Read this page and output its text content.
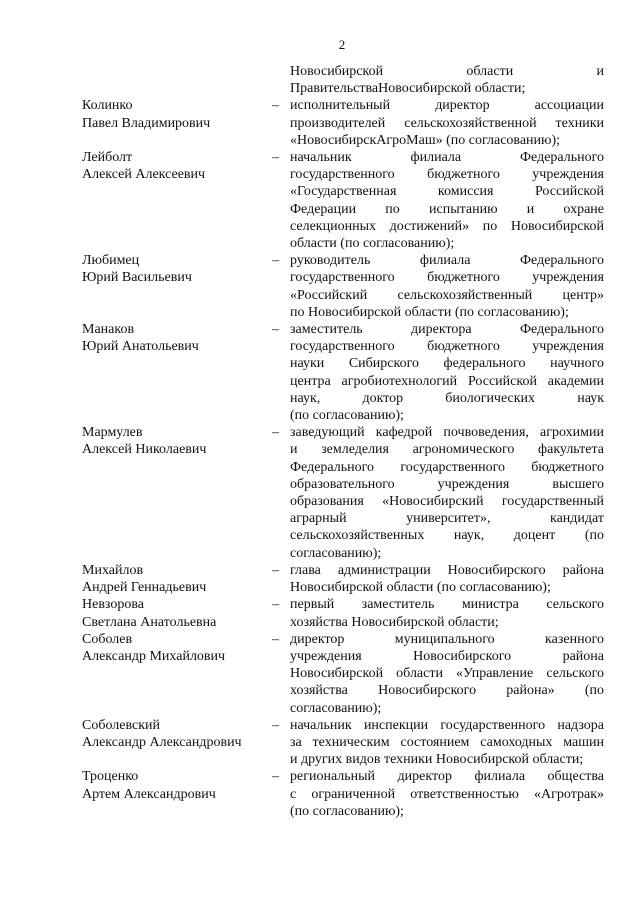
2
Новосибирской области и
ПравительстваНовосибирской области;
Колинко
Павел Владимирович
– исполнительный директор ассоциации
производителей сельскохозяйственной техники
«НовосибирскАгроМаш» (по согласованию);
Лейболт
Алексей Алексеевич
– начальник филиала Федерального
государственного бюджетного учреждения
«Государственная комиссия Российской
Федерации по испытанию и охране
селекционных достижений» по Новосибирской
области (по согласованию);
Любимец
Юрий Васильевич
– руководитель филиала Федерального
государственного бюджетного учреждения
«Российский сельскохозяйственный центр»
по Новосибирской области (по согласованию);
Манаков
Юрий Анатольевич
– заместитель директора Федерального
государственного бюджетного учреждения
науки Сибирского федерального научного
центра агробиотехнологий Российской академии
наук, доктор биологических наук
(по согласованию);
Мармулев
Алексей Николаевич
– заведующий кафедрой почвоведения, агрохимии
и земледелия агрономического факультета
Федерального государственного бюджетного
образовательного учреждения высшего
образования «Новосибирский государственный
аграрный университет», кандидат
сельскохозяйственных наук, доцент (по
согласованию);
Михайлов
Андрей Геннадьевич
– глава администрации Новосибирского района
Новосибирской области (по согласованию);
Невзорова
Светлана Анатольевна
– первый заместитель министра сельского
хозяйства Новосибирской области;
Соболев
Александр Михайлович
– директор муниципального казенного
учреждения Новосибирского района
Новосибирской области «Управление сельского
хозяйства Новосибирского района» (по
согласованию);
Соболевский
Александр Александрович
– начальник инспекции государственного надзора
за техническим состоянием самоходных машин
и других видов техники Новосибирской области;
Троценко
Артем Александрович
– региональный директор филиала общества
с ограниченной ответственностью «Агротрак»
(по согласованию);
